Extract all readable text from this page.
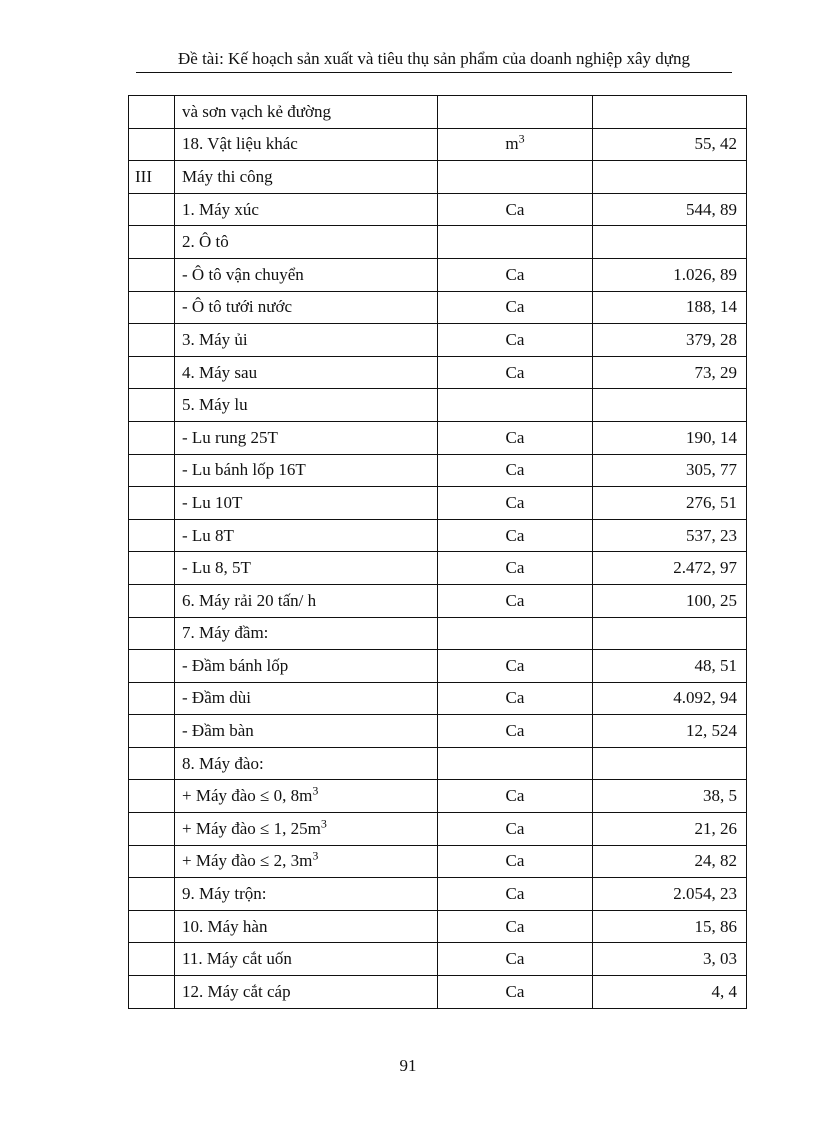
Đề tài: Kế hoạch sản xuất và tiêu thụ sản phẩm của doanh nghiệp xây dựng
	và sơn vạch kẻ đường		
	18. Vật liệu khác	$m^3$	55, 42
III	Máy thi công		
	1. Máy xúc	Ca	544, 89
	2. Ô tô		
	- Ô tô vận chuyển	Ca	1.026, 89
	- Ô tô tưới nước	Ca	188, 14
	3. Máy ủi	Ca	379, 28
	4. Máy sau	Ca	73, 29
	5. Máy lu		
	- Lu rung 25T	Ca	190, 14
	- Lu bánh lốp 16T	Ca	305, 77
	- Lu 10T	Ca	276, 51
	- Lu 8T	Ca	537, 23
	- Lu 8, 5T	Ca	2.472, 97
	6. Máy rải 20 tấn/ h	Ca	100, 25
	7. Máy đầm:		
	- Đầm bánh lốp	Ca	48, 51
	- Đầm dùi	Ca	4.092, 94
	- Đầm bàn	Ca	12, 524
	8. Máy đào:		
	+ Máy đào ≤ 0, $8m^3$	Ca	38, 5
	+ Máy đào ≤ 1, $25m^3$	Ca	21, 26
	+ Máy đào ≤ 2, $3m^3$	Ca	24, 82
	9. Máy trộn:	Ca	2.054, 23
	10. Máy hàn	Ca	15, 86
	11. Máy cắt uốn	Ca	3, 03
	12. Máy cắt cáp	Ca	4, 4
91
